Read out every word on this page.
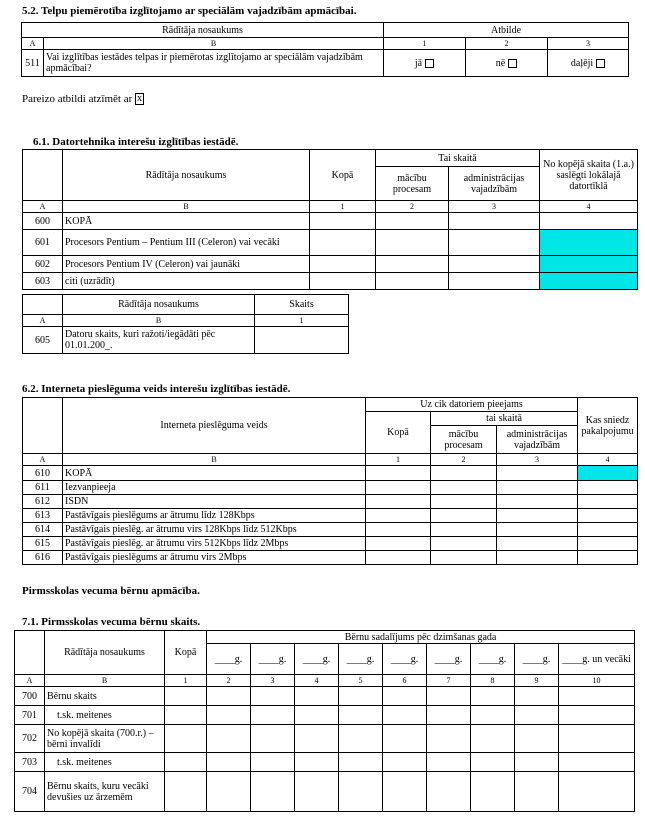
5.2. Telpu piemērotība izglītojamo ar speciālām vajadzībām apmācībai.
Rādītāja nosaukums		Atbilde		
A	B	1	2	3
511	Vai izglītības iestādes telpas ir piemērotas izglītojamo ar speciālām vajadzībām apmācībai?	jā	nē	daļēji
Pareizo atbildi atzīmēt ar x
6.1. Datortehnika interešu izglītības iestādē.
	Rādītāja nosaukums	Kopā	Tai skaitā		No kopējā skaita (1.a.) saslēgti lokālajā datortīklā
			mācību procesam	administrācijas vajadzībām	
A	B	1	2	3	4
600	KOPĀ				
601	Procesors Pentium – Pentium III (Celeron) vai vecāki				
602	Procesors Pentium IV (Celeron) vai jaunāki				
603	citi (uzrādīt)				
	Rādītāja nosaukums	Skaits
A	B	1
605	Datoru skaits, kuri ražoti/iegādāti pēc 01.01.200_.	
6.2. Interneta pieslēguma veids interešu izglītības iestādē.
	Interneta pieslēguma veids	Uz cik datoriem pieejams			Kas sniedz pakalpojumu
		Kopā	tai skaitā		
			mācību procesam	administrācijas vajadzībām	
A	B	1	2	3	4
610	KOPĀ				
611	Iezvanpieeja				
612	ISDN				
613	Pastāvīgais pieslēgums ar ātrumu līdz 128Kbps				
614	Pastāvīgais pieslēg. ar ātrumu virs 128Kbps līdz 512Kbps				
615	Pastāvīgais pieslēg. ar ātrumu virs 512Kbps līdz 2Mbps				
616	Pastāvīgais pieslēgums ar ātrumu virs 2Mbps				
Pirmsskolas vecuma bērnu apmācība.
7.1. Pirmsskolas vecuma bērnu skaits.
	Rādītāja nosaukums	Kopā	Bērnu sadalījums pēc dzimšanas gada								
			____g.	____g.	____g.	____g.	____g.	____g.	____g.	____g.	____g. un vecāki
A	B	1	2	3	4	5	6	7	8	9	10
700	Bērnu skaits										
701	t.sk. meitenes										
702	No kopējā skaita (700.r.) –bērni invalīdi										
703	t.sk. meitenes										
704	Bērnu skaits, kuru vecāki devušies uz ārzemēm										
